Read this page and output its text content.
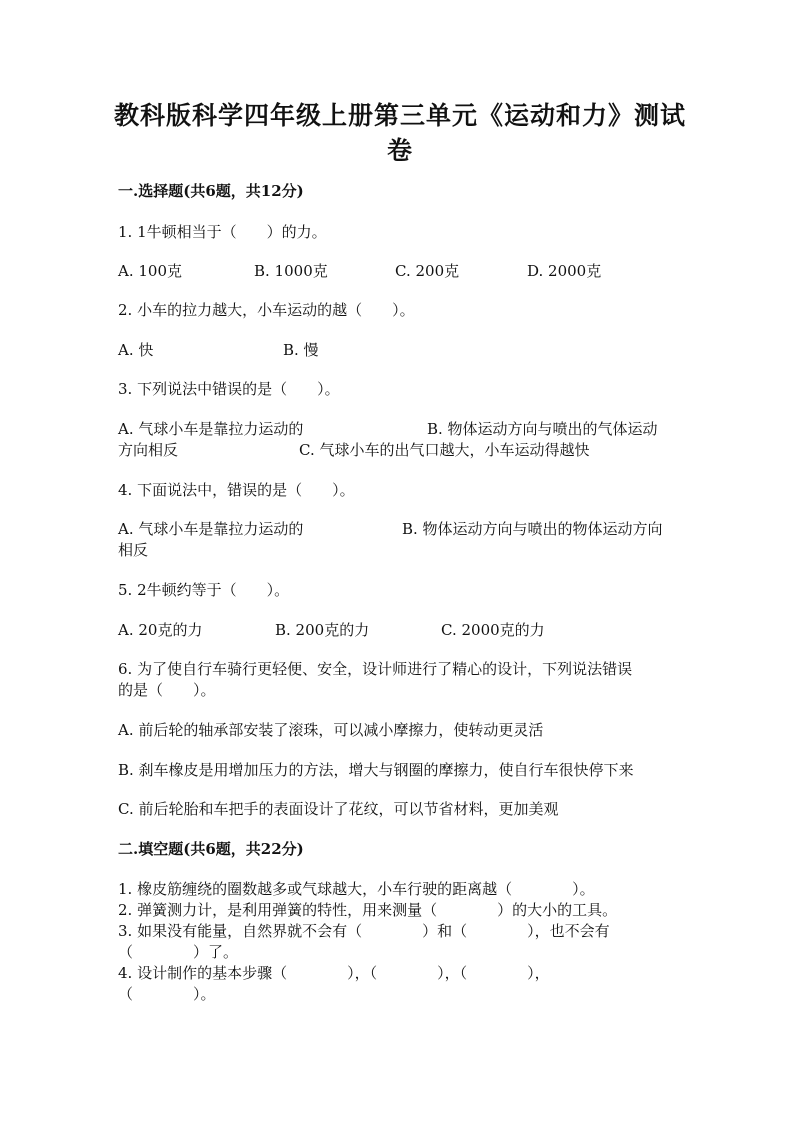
教科版科学四年级上册第三单元《运动和力》测试
卷
一.选择题(共6题，共12分)
1. 1牛顿相当于（　　）的力。
A. 100克	B. 1000克	C. 200克	D. 2000克
2. 小车的拉力越大，小车运动的越（　　）。
A. 快	B. 慢
3. 下列说法中错误的是（　　）。
A. 气球小车是靠拉力运动的	B. 物体运动方向与喷出的气体运动
方向相反	C. 气球小车的出气口越大，小车运动得越快
4. 下面说法中，错误的是（　　）。
A. 气球小车是靠拉力运动的	B. 物体运动方向与喷出的物体运动方向
相反
5. 2牛顿约等于（　　）。
A. 20克的力	B. 200克的力	C. 2000克的力
6. 为了使自行车骑行更轻便、安全，设计师进行了精心的设计，下列说法错误
的是（　　）。
A. 前后轮的轴承部安装了滚珠，可以减小摩擦力，使转动更灵活
B. 刹车橡皮是用增加压力的方法，增大与钢圈的摩擦力，使自行车很快停下来
C. 前后轮胎和车把手的表面设计了花纹，可以节省材料，更加美观
二.填空题(共6题，共22分)
1. 橡皮筋缠绕的圈数越多或气球越大，小车行驶的距离越（　　　　）。
2. 弹簧测力计，是利用弹簧的特性，用来测量（　　　　）的大小的工具。
3. 如果没有能量，自然界就不会有（　　　　）和（　　　　），也不会有
（　　　　）了。
4. 设计制作的基本步骤（　　　　），（　　　　），（　　　　），
（　　　　）。
